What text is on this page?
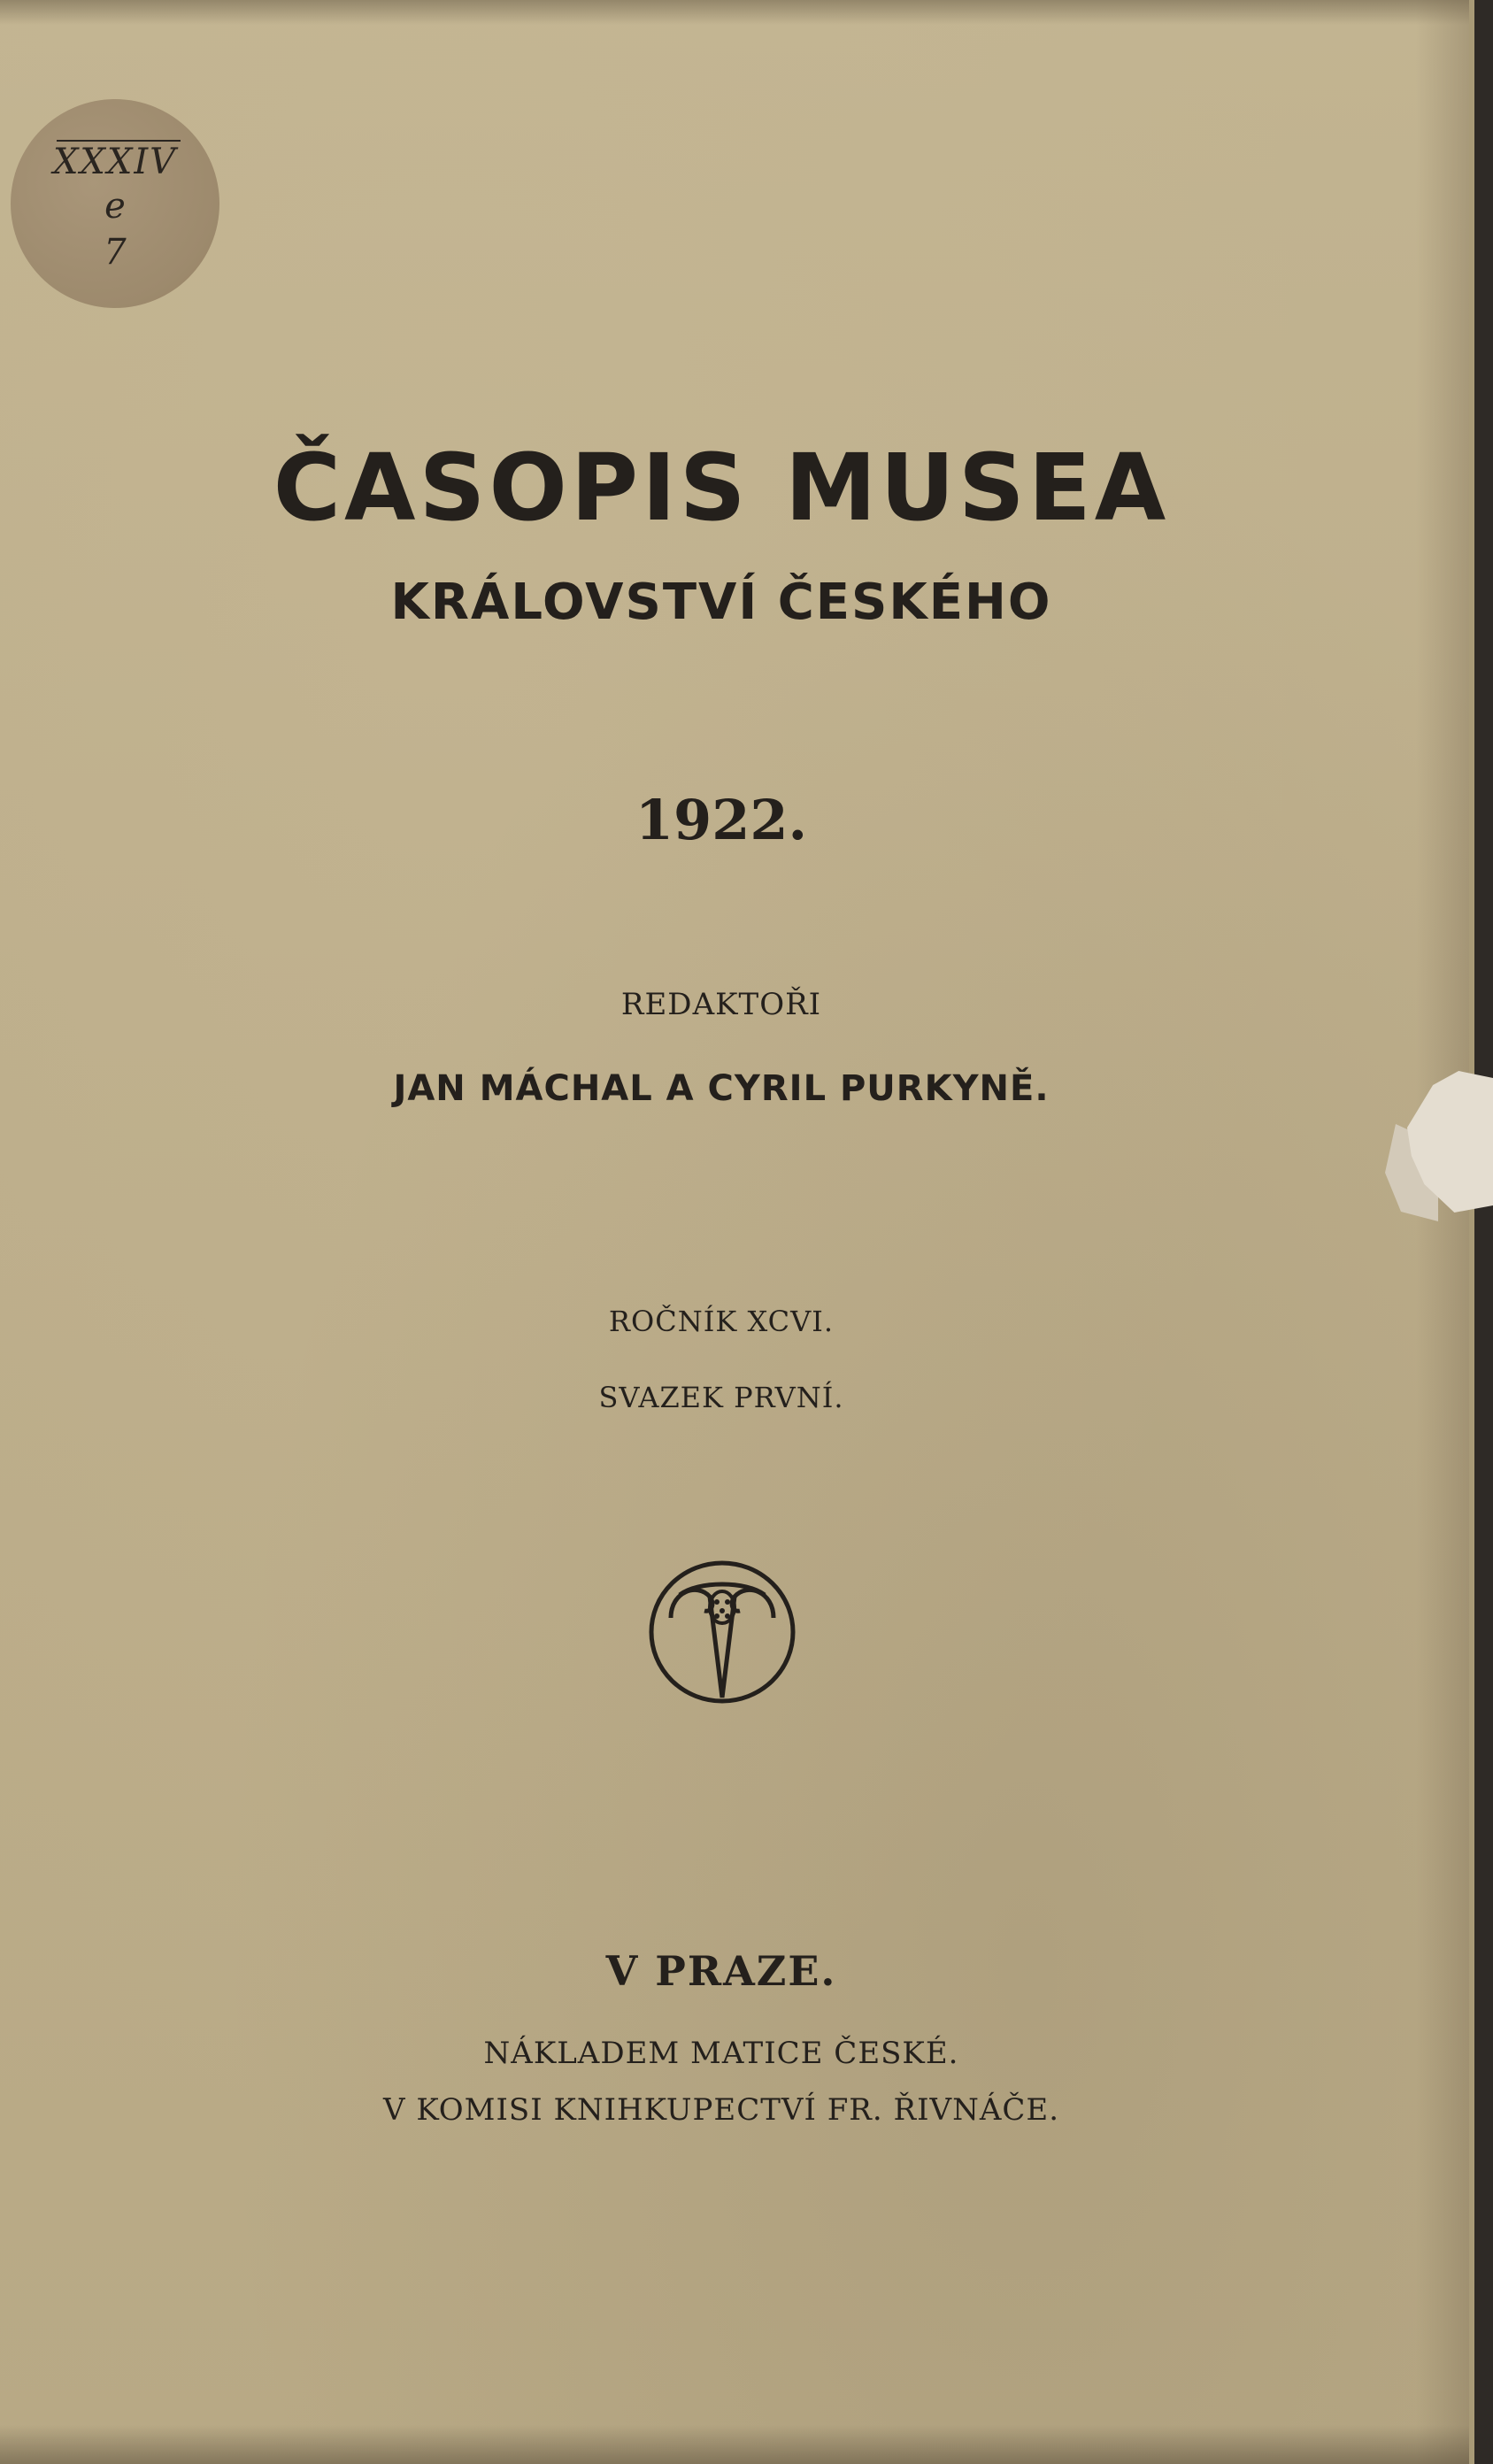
XXXIV
e
7
ČASOPIS MUSEA
KRÁLOVSTVÍ ČESKÉHO
1922.
REDAKTOŘI
JAN MÁCHAL A CYRIL PURKYNĚ.
ROČNÍK XCVI.
SVAZEK PRVNÍ.
V PRAZE.
NÁKLADEM MATICE ČESKÉ.
V KOMISI KNIHKUPECTVÍ FR. ŘIVNÁČE.
